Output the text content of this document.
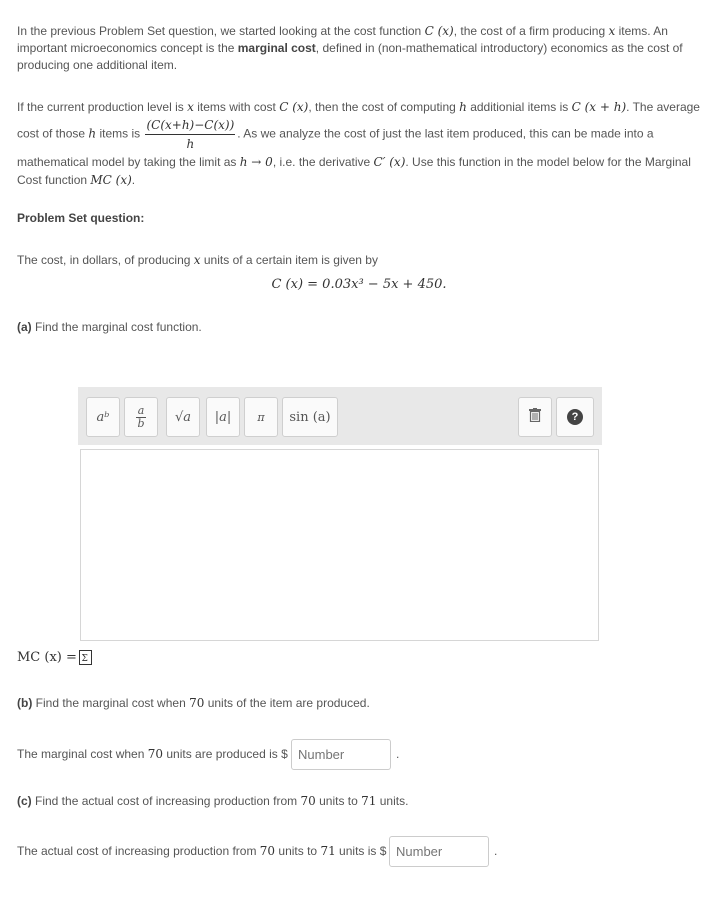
In the previous Problem Set question, we started looking at the cost function C (x), the cost of a firm producing x items. An important microeconomics concept is the marginal cost, defined in (non-mathematical introductory) economics as the cost of producing one additional item.
If the current production level is x items with cost C (x), then the cost of computing h additionial items is C (x + h). The average cost of those h items is $\frac{(C(x+h)-C(x))}{h}$ . As we analyze the cost of just the last item produced, this can be made into a mathematical model by taking the limit as h → 0, i.e. the derivative C′ (x). Use this function in the model below for the Marginal Cost function MC (x).
Problem Set question:
The cost, in dollars, of producing x units of a certain item is given by
C (x) = 0.03x³ − 5x + 450.
(a) Find the marginal cost function.
aᵇ $\frac{a}{b} √a$ |a| π sin (a)	?
MC (x) = Σ
(b) Find the marginal cost when 70 units of the item are produced.
The marginal cost when 70 units are produced is $
Number	.
(c) Find the actual cost of increasing production from 70 units to 71 units.
The actual cost of increasing production from 70 units to 71 units is $
Number	.
